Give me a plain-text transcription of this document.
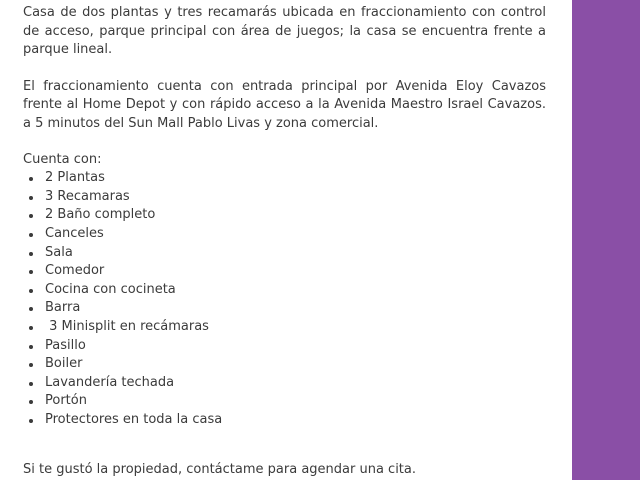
Casa de dos plantas y tres recamarás ubicada en fraccionamiento con control de acceso, parque principal con área de juegos; la casa se encuentra frente a parque lineal.

El fraccionamiento cuenta con entrada principal por Avenida Eloy Cavazos frente al Home Depot y con rápido acceso a la Avenida Maestro Israel Cavazos. a 5 minutos del Sun Mall Pablo Livas y zona comercial.

Cuenta con:

2 Plantas
3 Recamaras
2 Baño completo
Canceles
Sala
Comedor
Cocina con cocineta
Barra
3 Minisplit en recámaras
Pasillo
Boiler
Lavandería techada
Portón
Protectores en toda la casa

Si te gustó la propiedad, contáctame para agendar una cita.
